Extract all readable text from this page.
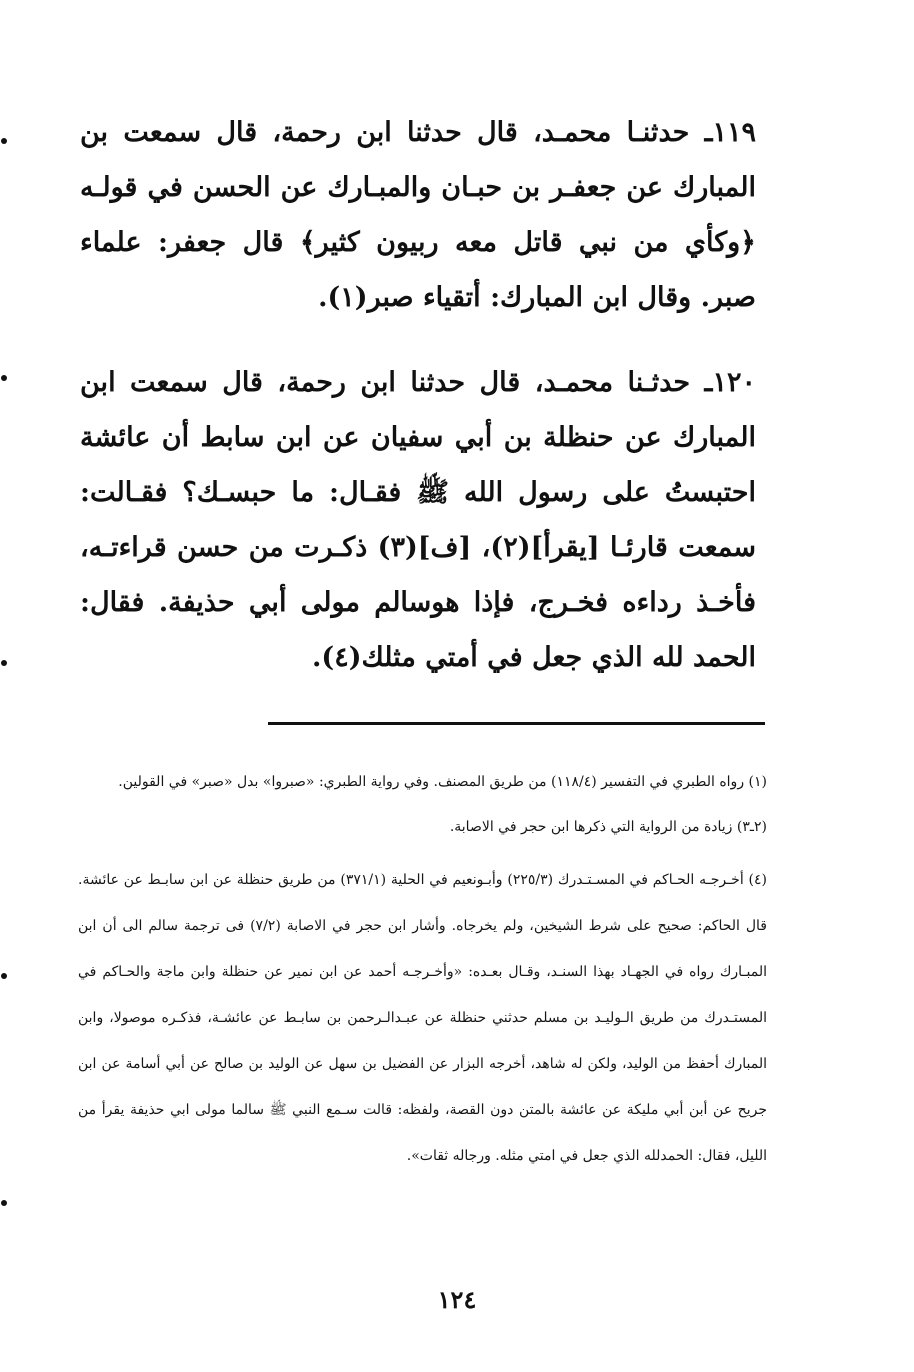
١١٩ـ حدثنـا محمـد، قال حدثنا ابن رحمة، قال سمعت بن المبارك عن جعفـر بن حبـان والمبـارك عن الحسن في قولـه ﴿وكأي من نبي قاتل معه ربيون كثير﴾ قال جعفر: علماء صبر. وقال ابن المبارك: أتقياء صبر(١).

١٢٠ـ حدثـنا محمـد، قال حدثنا ابن رحمة، قال سمعت ابن المبارك عن حنظلة بن أبي سفيان عن ابن سابط أن عائشة احتبستُ على رسول الله ﷺ فقـال: ما حبسـك؟ فقـالت: سمعت قارئـا [يقرأ](٢)، [ف](٣) ذكـرت من حسن قراءتـه، فأخـذ رداءه فخـرج، فإذا هوسالم مولى أبي حذيفة. فقال: الحمد لله الذي جعل في أمتي مثلك(٤).

(١) رواه الطبري في التفسير (١١٨/٤) من طريق المصنف. وفي رواية الطبري: «صبروا» بدل «صبر» في القولين.

(٢ـ٣) زيادة من الرواية التي ذكرها ابن حجر في الاصابة.

(٤) أخـرجـه الحـاكم في المسـتـدرك (٢٢٥/٣) وأبـونعيم في الحلية (٣٧١/١) من طريق حنظلة عن ابن سابـط عن عائشة. قال الحاكم: صحيح على شرط الشيخين، ولم يخرجاه. وأشار ابن حجر في الاصابة (٧/٢) فى ترجمة سالم الى أن ابن المبـارك رواه في الجهـاد بهذا السنـد، وقـال بعـده: «وأخـرجـه أحمد عن ابن نمير عن حنظلة وابن ماجة والحـاكم في المستـدرك من طريق الـوليـد بن مسلم حدثني حنظلة عن عبـدالـرحمن بن سابـط عن عائشـة، فذكـره موصولا، وابن المبارك أحفظ من الوليد، ولكن له شاهد، أخرجه البزار عن الفضيل بن سهل عن الوليد بن صالح عن أبي أسامة عن ابن جريح عن أبن أبي مليكة عن عائشة بالمتن دون القصة، ولفظه: قالت سـمع النبي ﷺ سالما مولى ابي حذيفة يقرأ من الليل، فقال: الحمدلله الذي جعل في امتي مثله. ورجاله ثقات».

١٢٤
